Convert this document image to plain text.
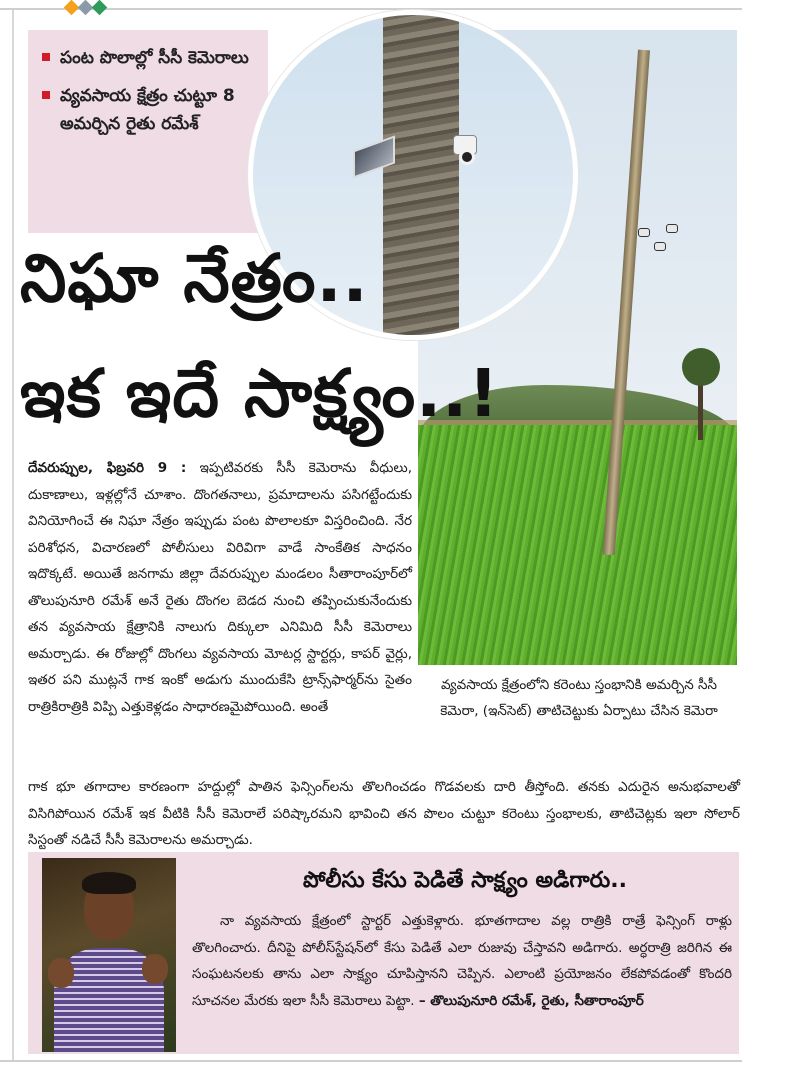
పంట పొలాల్లో సీసీ కెమెరాలు
వ్యవసాయ క్షేత్రం చుట్టూ 8 అమర్చిన రైతు రమేశ్
నిఘా నేత్రం..
ఇక ఇదే సాక్ష్యం..!
దేవరుప్పుల, ఫిబ్రవరి 9 : ఇప్పటివరకు సీసీ కెమెరాను వీధులు, దుకాణాలు, ఇళ్లల్లోనే చూశాం. దొంగతనాలు, ప్రమాదాలను పసిగట్టేందుకు వినియోగించే ఈ నిఘా నేత్రం ఇప్పుడు పంట పొలాలకూ విస్తరించింది. నేర పరిశోధన, విచారణలో పోలీసులు విరివిగా వాడే సాంకేతిక సాధనం ఇదొక్కటే. అయితే జనగామ జిల్లా దేవరుప్పుల మండలం సీతారాంపూర్‌లో తొలుపునూరి రమేశ్ అనే రైతు దొంగల బెడద నుంచి తప్పించుకునేందుకు తన వ్యవసాయ క్షేత్రానికి నాలుగు దిక్కులా ఎనిమిది సీసీ కెమెరాలు అమర్చాడు. ఈ రోజుల్లో దొంగలు వ్యవసాయ మోటర్ల స్టార్టర్లు, కాపర్ వైర్లు, ఇతర పని ముట్లనే గాక ఇంకో అడుగు ముందుకేసి ట్రాన్స్‌ఫార్మర్‌ను సైతం రాత్రికిరాత్రికి విప్పి ఎత్తుకెళ్లడం సాధారణమైపోయింది. అంతే
గాక భూ తగాదాల కారణంగా హద్దుల్లో పాతిన ఫెన్సింగ్‌లను తొలగించడం గొడవలకు దారి తీస్తోంది. తనకు ఎదురైన అనుభవాలతో విసిగిపోయిన రమేశ్ ఇక వీటికి సీసీ కెమెరాలే పరిష్కారమని భావించి తన పొలం చుట్టూ కరెంటు స్తంభాలకు, తాటిచెట్లకు ఇలా సోలార్ సిస్టంతో నడిచే సీసీ కెమెరాలను అమర్చాడు.
వ్యవసాయ క్షేత్రంలోని కరెంటు స్తంభానికి అమర్చిన సీసీ కెమెరా, (ఇన్‌సెట్) తాటిచెట్టుకు ఏర్పాటు చేసిన కెమెరా
పోలీసు కేసు పెడితే సాక్ష్యం అడిగారు..
నా వ్యవసాయ క్షేత్రంలో స్టార్టర్ ఎత్తుకెళ్లారు. భూతగాదాల వల్ల రాత్రికి రాత్రే ఫెన్సింగ్ రాళ్లు తొలగించారు. దీనిపై పోలీస్‌స్టేషన్‌లో కేసు పెడితే ఎలా రుజువు చేస్తావని అడిగారు. అర్ధరాత్రి జరిగిన ఈ సంఘటనలకు తాను ఎలా సాక్ష్యం చూపిస్తానని చెప్పిన. ఎలాంటి ప్రయోజనం లేకపోవడంతో కొందరి సూచనల మేరకు ఇలా సీసీ కెమెరాలు పెట్టా. – తొలుపునూరి రమేశ్, రైతు, సీతారాంపూర్
